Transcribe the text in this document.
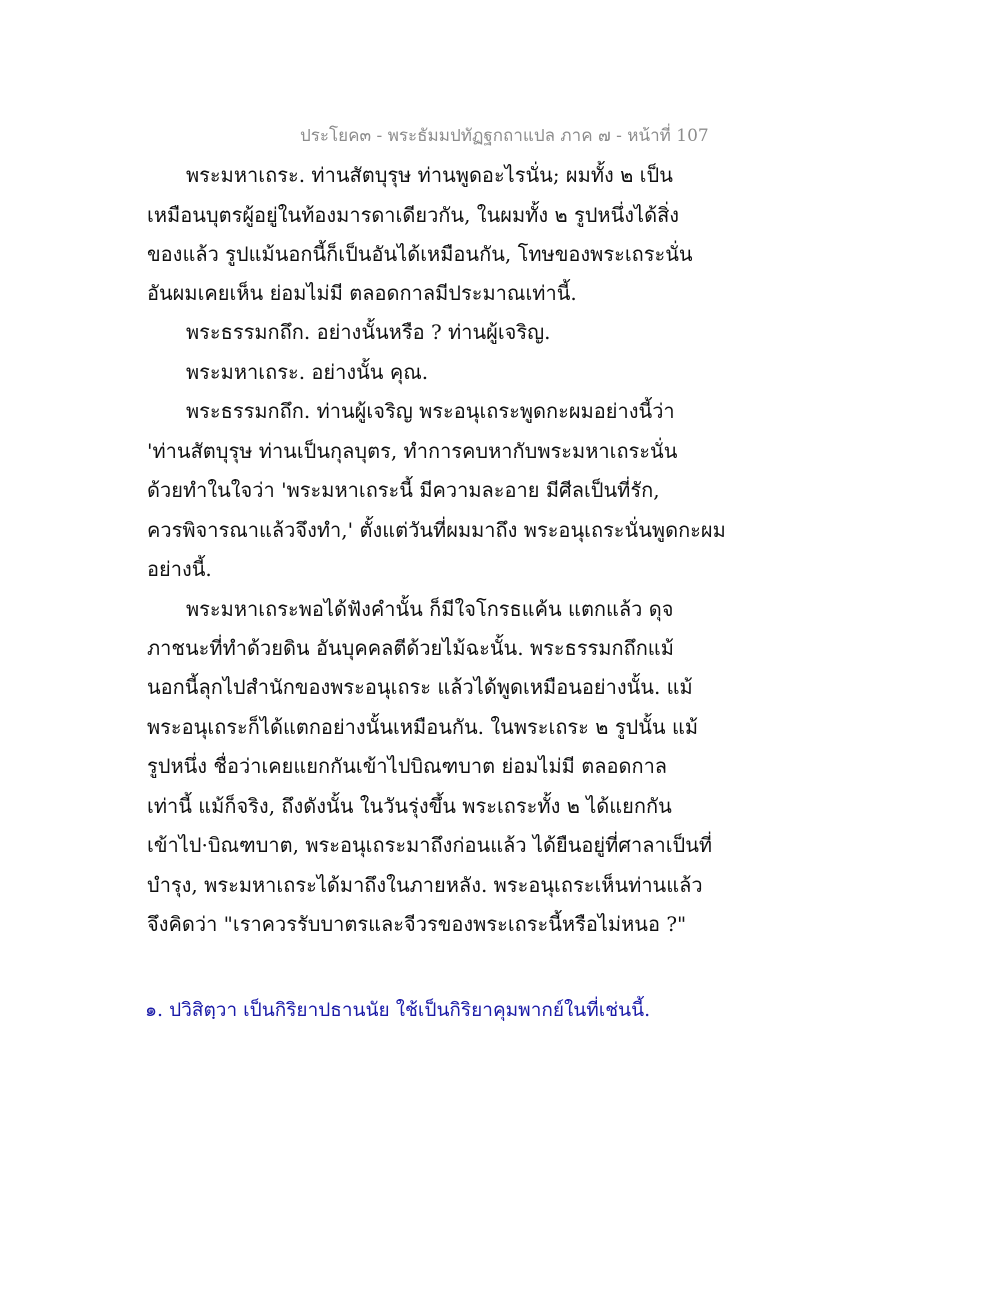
ประโยค๓ - พระธัมมปทัฏฐกถาแปล ภาค ๗ - หน้าที่ 107
พระมหาเถระ. ท่านสัตบุรุษ ท่านพูดอะไรนั่น; ผมทั้ง ๒ เป็น
เหมือนบุตรผู้อยู่ในท้องมารดาเดียวกัน, ในผมทั้ง ๒ รูปหนึ่งได้สิ่ง
ของแล้ว รูปแม้นอกนี้ก็เป็นอันได้เหมือนกัน, โทษของพระเถระนั่น
อันผมเคยเห็น ย่อมไม่มี ตลอดกาลมีประมาณเท่านี้.
พระธรรมกถึก. อย่างนั้นหรือ ? ท่านผู้เจริญ.
พระมหาเถระ. อย่างนั้น คุณ.
พระธรรมกถึก. ท่านผู้เจริญ พระอนุเถระพูดกะผมอย่างนี้ว่า
'ท่านสัตบุรุษ ท่านเป็นกุลบุตร, ทำการคบหากับพระมหาเถระนั่น
ด้วยทำในใจว่า 'พระมหาเถระนี้ มีความละอาย มีศีลเป็นที่รัก,
ควรพิจารณาแล้วจึงทำ,' ตั้งแต่วันที่ผมมาถึง พระอนุเถระนั่นพูดกะผม
อย่างนี้.
พระมหาเถระพอได้ฟังคำนั้น ก็มีใจโกรธแค้น แตกแล้ว ดุจ
ภาชนะที่ทำด้วยดิน อันบุคคลตีด้วยไม้ฉะนั้น. พระธรรมกถึกแม้
นอกนี้ลุกไปสำนักของพระอนุเถระ แล้วได้พูดเหมือนอย่างนั้น. แม้
พระอนุเถระก็ได้แตกอย่างนั้นเหมือนกัน. ในพระเถระ ๒ รูปนั้น แม้
รูปหนึ่ง ชื่อว่าเคยแยกกันเข้าไปบิณฑบาต ย่อมไม่มี ตลอดกาล
เท่านี้ แม้ก็จริง, ถึงดังนั้น ในวันรุ่งขึ้น พระเถระทั้ง ๒ ได้แยกกัน
เข้าไป·บิณฑบาต, พระอนุเถระมาถึงก่อนแล้ว ได้ยืนอยู่ที่ศาลาเป็นที่
บำรุง, พระมหาเถระได้มาถึงในภายหลัง. พระอนุเถระเห็นท่านแล้ว
จึงคิดว่า "เราควรรับบาตรและจีวรของพระเถระนี้หรือไม่หนอ ?"
๑. ปวิสิตฺวา เป็นกิริยาปธานนัย ใช้เป็นกิริยาคุมพากย์ในที่เช่นนี้.
